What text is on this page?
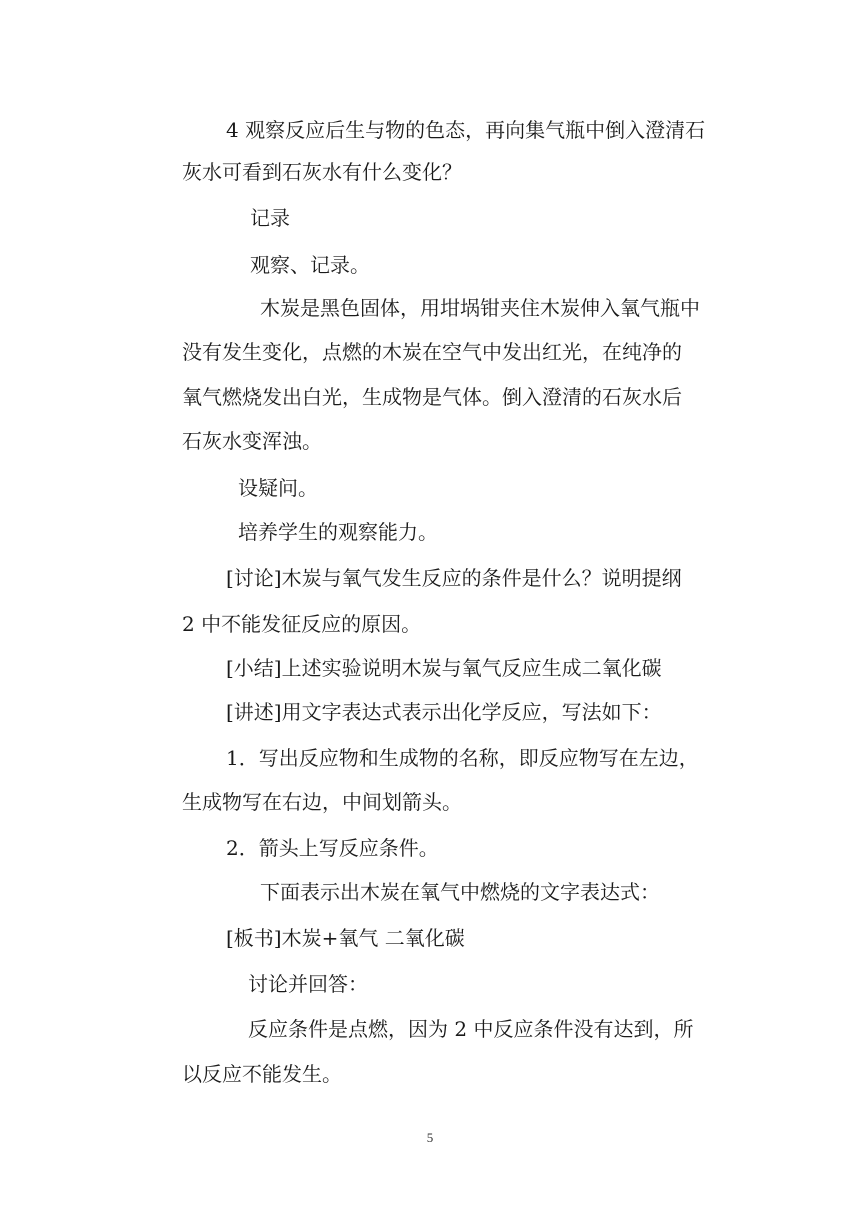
4 观察反应后生与物的色态，再向集气瓶中倒入澄清石

灰水可看到石灰水有什么变化？

记录

观察、记录。

木炭是黑色固体，用坩埚钳夹住木炭伸入氧气瓶中

没有发生变化，点燃的木炭在空气中发出红光，在纯净的

氧气燃烧发出白光，生成物是气体。倒入澄清的石灰水后

石灰水变浑浊。

设疑问。

培养学生的观察能力。

[讨论]木炭与氧气发生反应的条件是什么？说明提纲

2 中不能发征反应的原因。

[小结]上述实验说明木炭与氧气反应生成二氧化碳

[讲述]用文字表达式表示出化学反应，写法如下：

1．写出反应物和生成物的名称，即反应物写在左边，

生成物写在右边，中间划箭头。

2．箭头上写反应条件。

下面表示出木炭在氧气中燃烧的文字表达式：

[板书]木炭+氧气 二氧化碳

讨论并回答：

反应条件是点燃，因为 2 中反应条件没有达到，所

以反应不能发生。

5
